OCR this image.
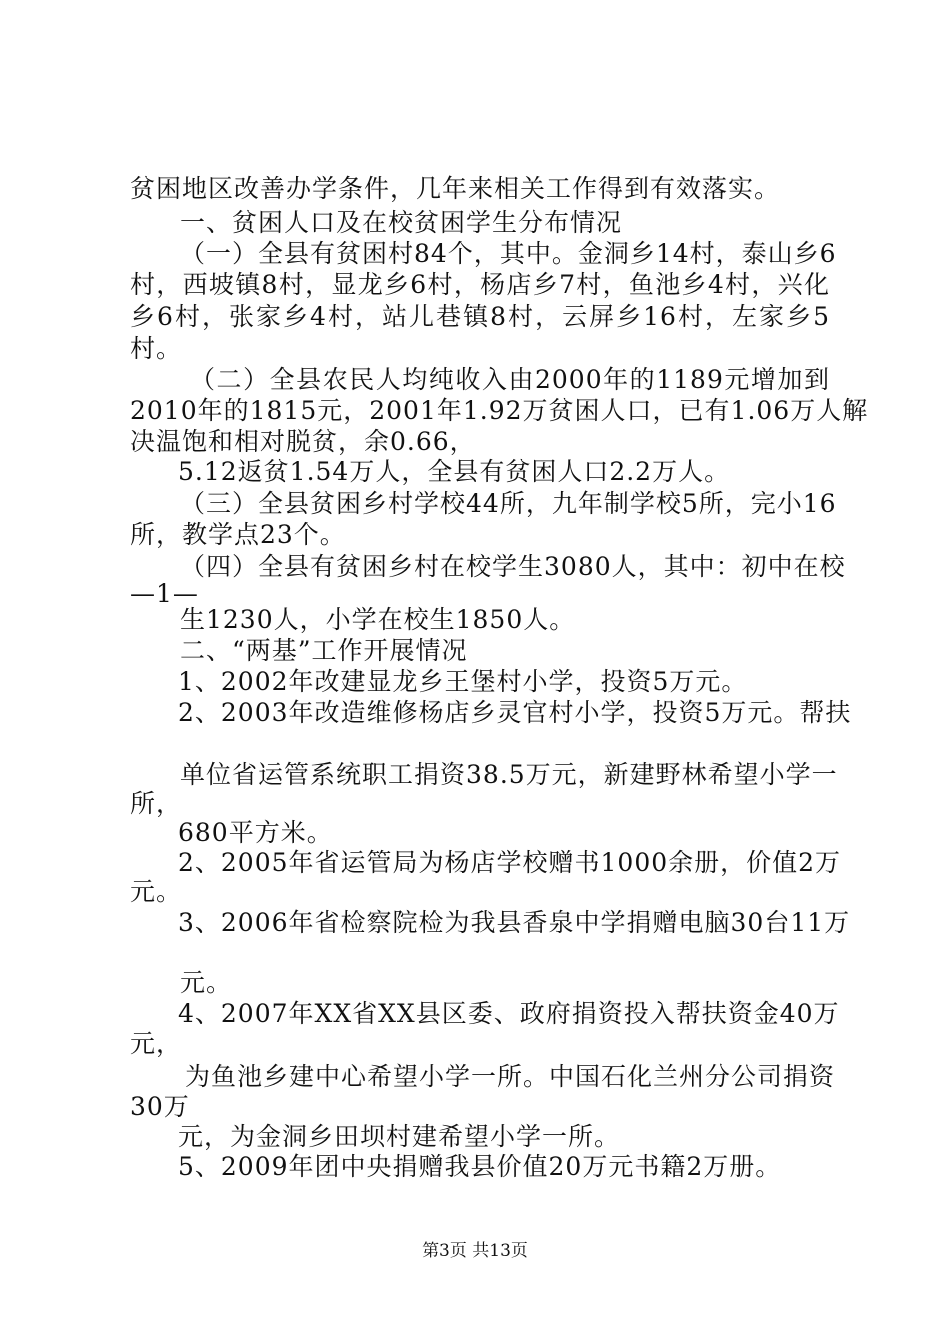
贫困地区改善办学条件，几年来相关工作得到有效落实。
一、贫困人口及在校贫困学生分布情况
（一）全县有贫困村84个，其中。金洞乡14村，泰山乡6
村，西坡镇8村，显龙乡6村，杨店乡7村，鱼池乡4村，兴化
乡6村，张家乡4村，站儿巷镇8村，云屏乡16村，左家乡5
村。
（二）全县农民人均纯收入由2000年的1189元增加到
2010年的1815元，2001年1.92万贫困人口，已有1.06万人解
决温饱和相对脱贫，余0.66，
5.12返贫1.54万人，全县有贫困人口2.2万人。
（三）全县贫困乡村学校44所，九年制学校5所，完小16
所，教学点23个。
（四）全县有贫困乡村在校学生3080人，其中：初中在校
—1—
生1230人，小学在校生1850人。
二、“两基”工作开展情况
1、2002年改建显龙乡王堡村小学，投资5万元。
2、2003年改造维修杨店乡灵官村小学，投资5万元。帮扶
单位省运管系统职工捐资38.5万元，新建野林希望小学一
所，
680平方米。
2、2005年省运管局为杨店学校赠书1000余册，价值2万
元。
3、2006年省检察院检为我县香泉中学捐赠电脑30台11万
元。
4、2007年XX省XX县区委、政府捐资投入帮扶资金40万
元，
为鱼池乡建中心希望小学一所。中国石化兰州分公司捐资
30万
元，为金洞乡田坝村建希望小学一所。
5、2009年团中央捐赠我县价值20万元书籍2万册。
第3页 共13页
